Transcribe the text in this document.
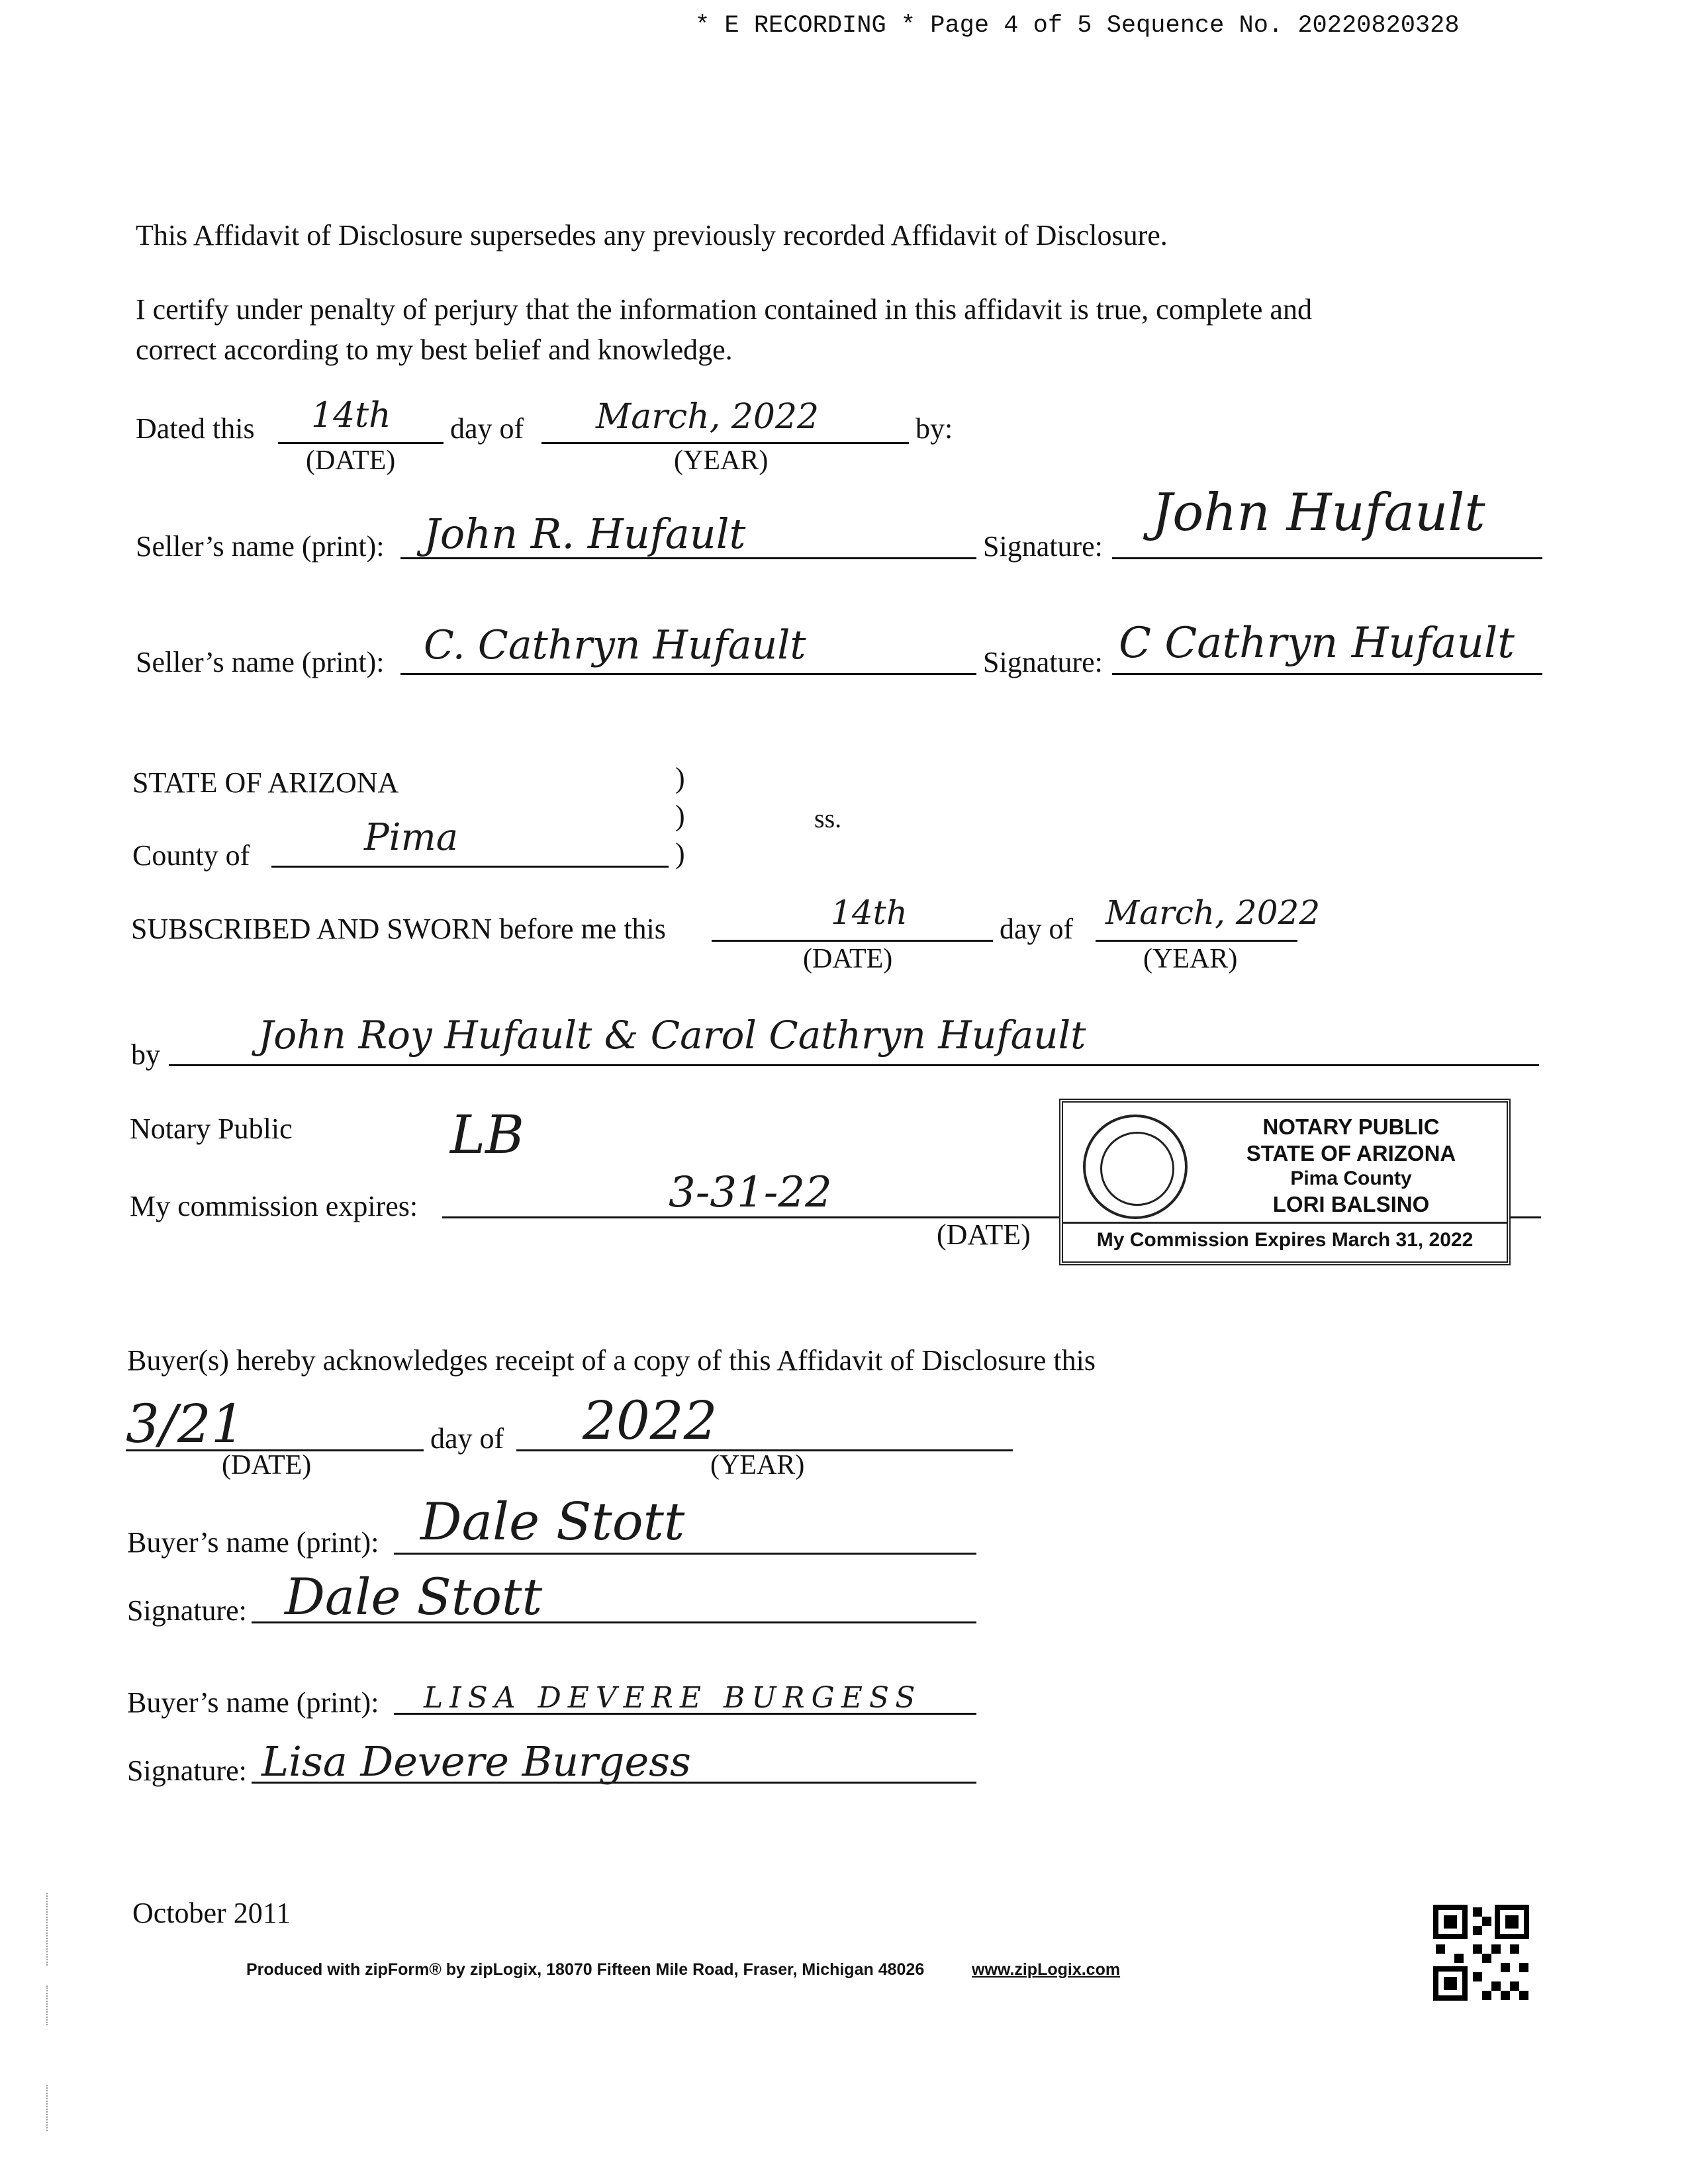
* E RECORDING * Page 4 of 5 Sequence No. 20220820328
This Affidavit of Disclosure supersedes any previously recorded Affidavit of Disclosure.
I certify under penalty of perjury that the information contained in this affidavit is true, complete and
correct according to my best belief and knowledge.
Dated this 14th
(DATE)
day of March, 2022
(YEAR)
by:
Seller’s name (print): John R. Hufault	Signature:
John Hufault
Seller’s name (print): C. Cathryn Hufault	Signature: C Cathryn Hufault
STATE OF ARIZONA	)
)
)
ss.
County of	Pima
SUBSCRIBED AND SWORN before me this	14th
(DATE)
day of March, 2022
(YEAR)
by	John Roy Hufault & Carol Cathryn Hufault
Notary Public	LB
My commission expires:	3-31-22
(DATE)
NOTARY PUBLIC
STATE OF ARIZONA
Pima County
LORI BALSINO
My Commission Expires March 31, 2022
Buyer(s) hereby acknowledges receipt of a copy of this Affidavit of Disclosure this
3/21
(DATE)
day of 2022
(YEAR)
Buyer’s name (print): Dale Stott
Signature: Dale Stott
Buyer’s name (print): LISA DEVERE BURGESS
Signature: Lisa Devere Burgess
October 2011
Produced with zipForm® by zipLogix, 18070 Fifteen Mile Road, Fraser, Michigan 48026	www.zipLogix.com
